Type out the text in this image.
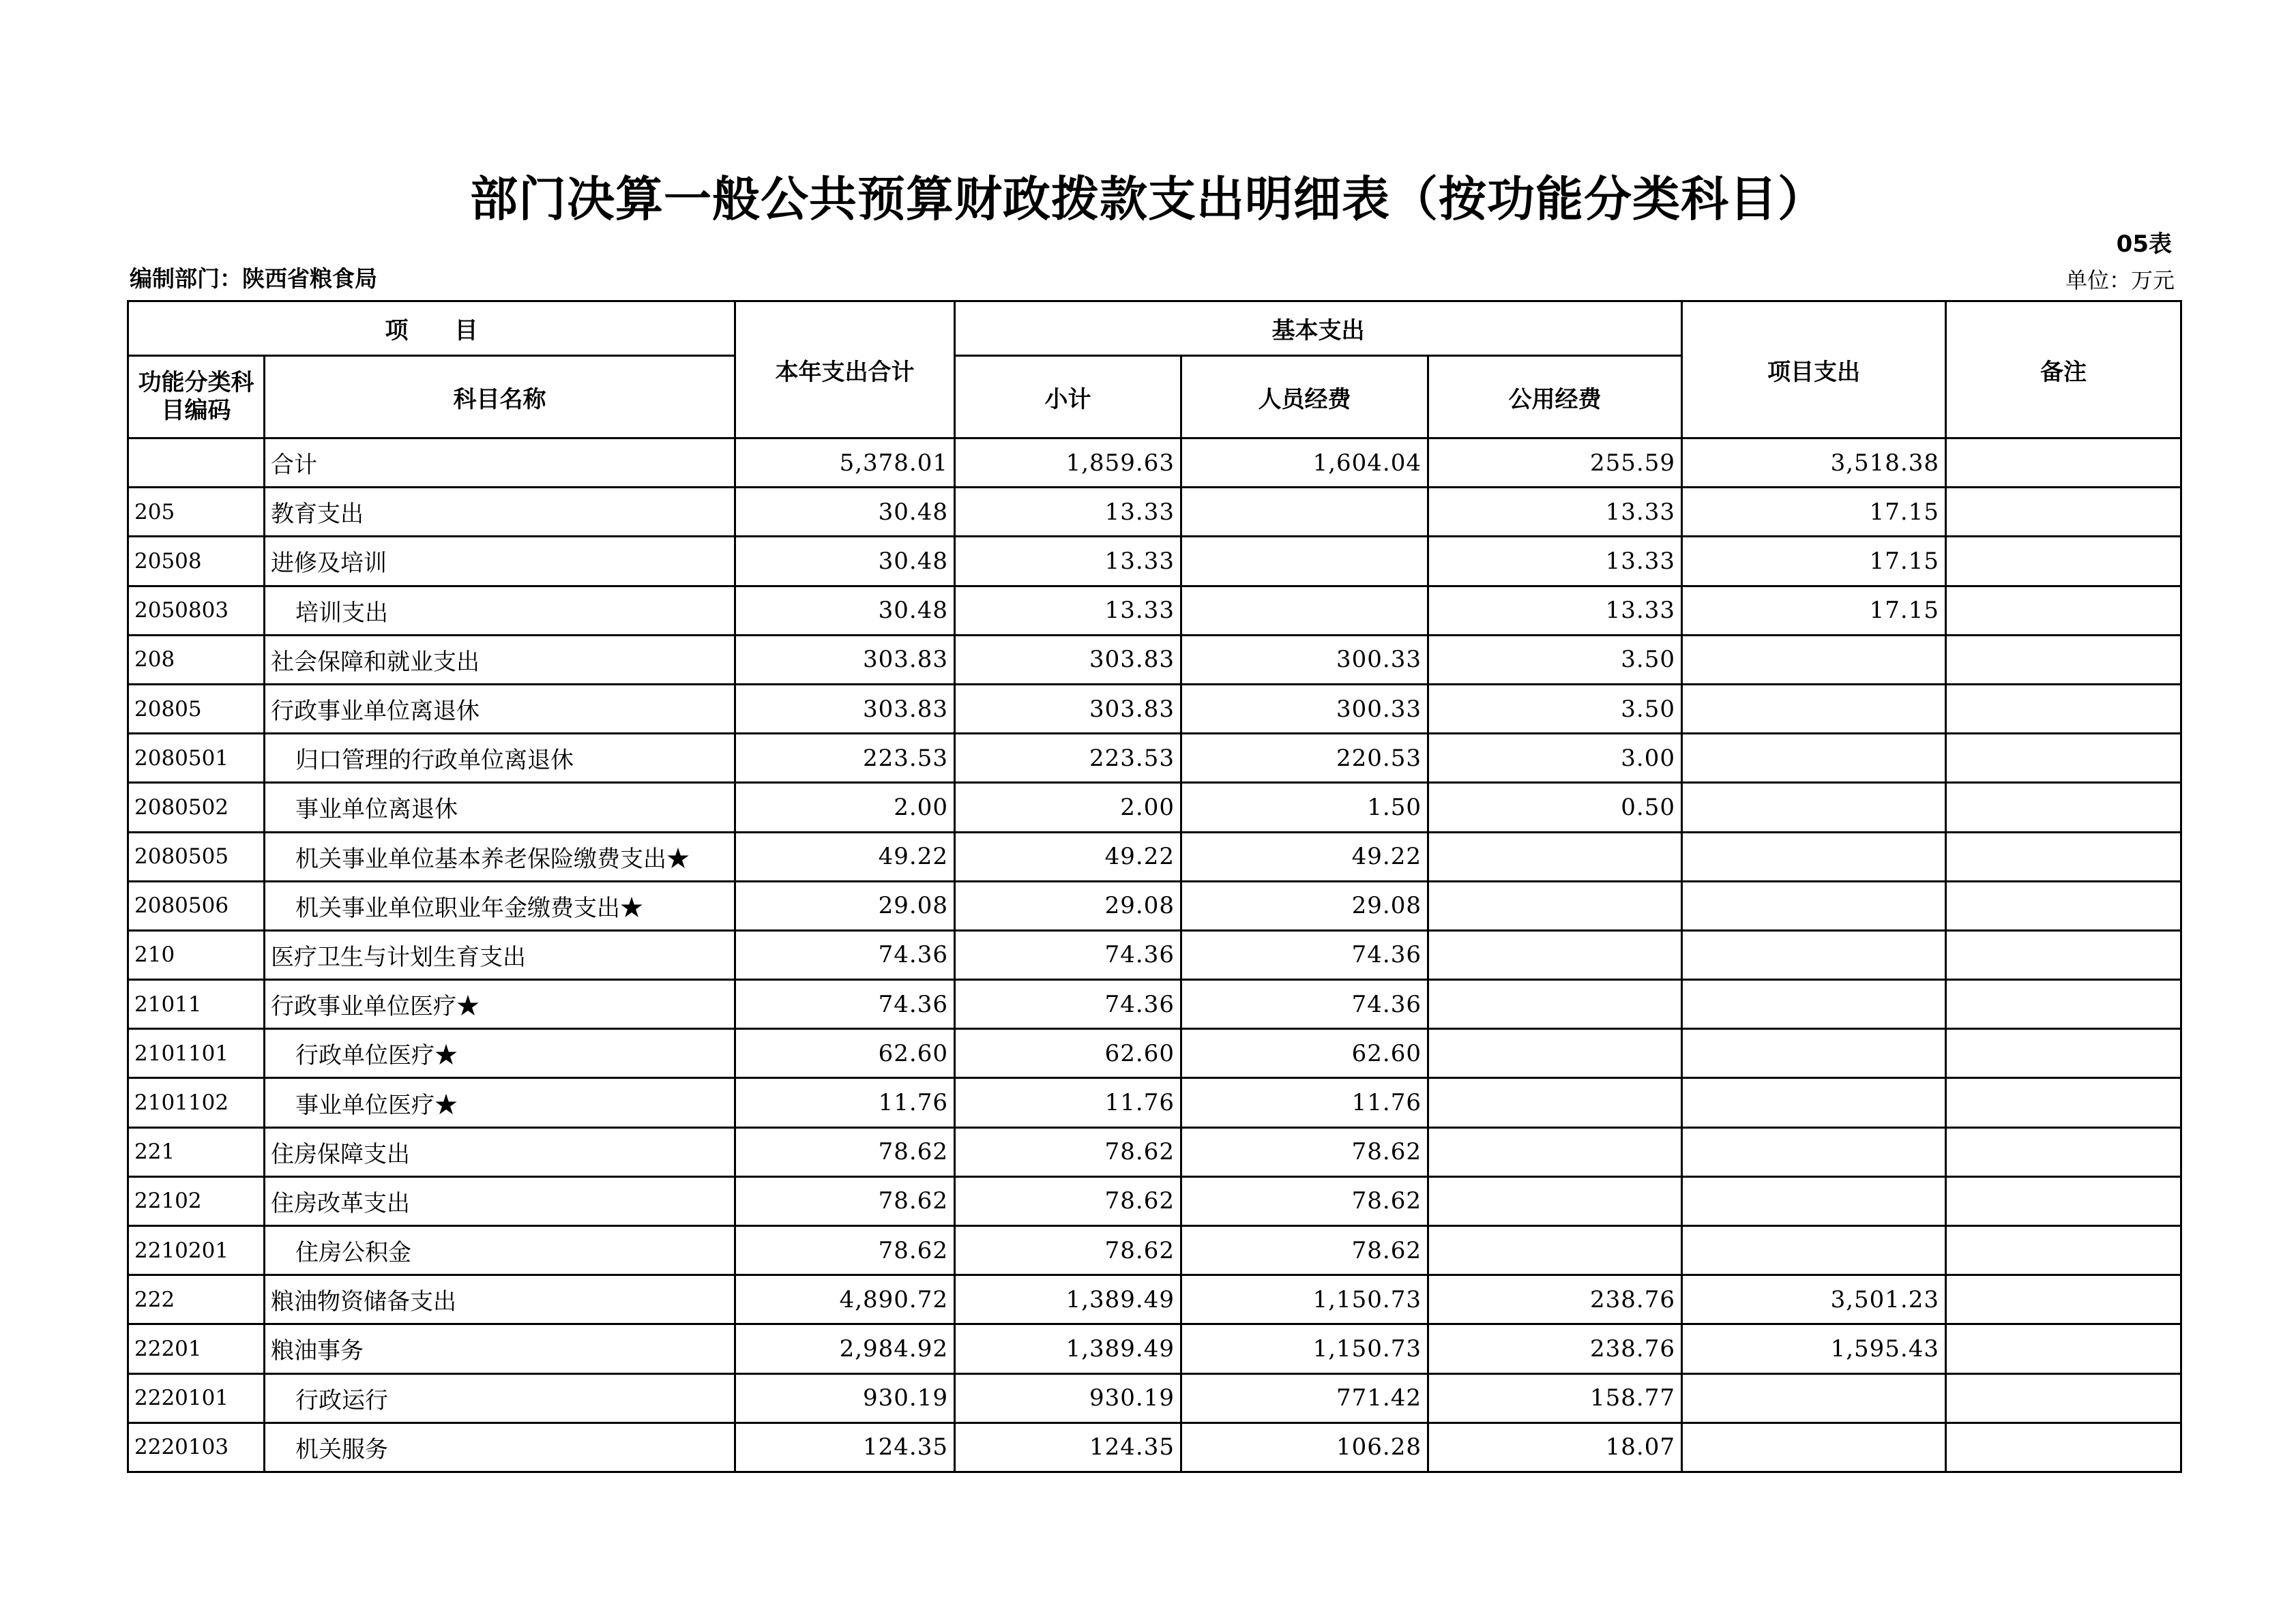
部门决算一般公共预算财政拨款支出明细表（按功能分类科目）
05表
编制部门：陕西省粮食局	单位：万元
项　　目		本年支出合计	基本支出			项目支出	备注
功能分类科目编码	科目名称		小计	人员经费	公用经费		
	合计	5,378.01	1,859.63	1,604.04	255.59	3,518.38	
205	教育支出	30.48	13.33		13.33	17.15	
20508	进修及培训	30.48	13.33		13.33	17.15	
2050803	培训支出	30.48	13.33		13.33	17.15	
208	社会保障和就业支出	303.83	303.83	300.33	3.50		
20805	行政事业单位离退休	303.83	303.83	300.33	3.50		
2080501	归口管理的行政单位离退休	223.53	223.53	220.53	3.00		
2080502	事业单位离退休	2.00	2.00	1.50	0.50		
2080505	机关事业单位基本养老保险缴费支出★	49.22	49.22	49.22			
2080506	机关事业单位职业年金缴费支出★	29.08	29.08	29.08			
210	医疗卫生与计划生育支出	74.36	74.36	74.36			
21011	行政事业单位医疗★	74.36	74.36	74.36			
2101101	行政单位医疗★	62.60	62.60	62.60			
2101102	事业单位医疗★	11.76	11.76	11.76			
221	住房保障支出	78.62	78.62	78.62			
22102	住房改革支出	78.62	78.62	78.62			
2210201	住房公积金	78.62	78.62	78.62			
222	粮油物资储备支出	4,890.72	1,389.49	1,150.73	238.76	3,501.23	
22201	粮油事务	2,984.92	1,389.49	1,150.73	238.76	1,595.43	
2220101	行政运行	930.19	930.19	771.42	158.77		
2220103	机关服务	124.35	124.35	106.28	18.07		
